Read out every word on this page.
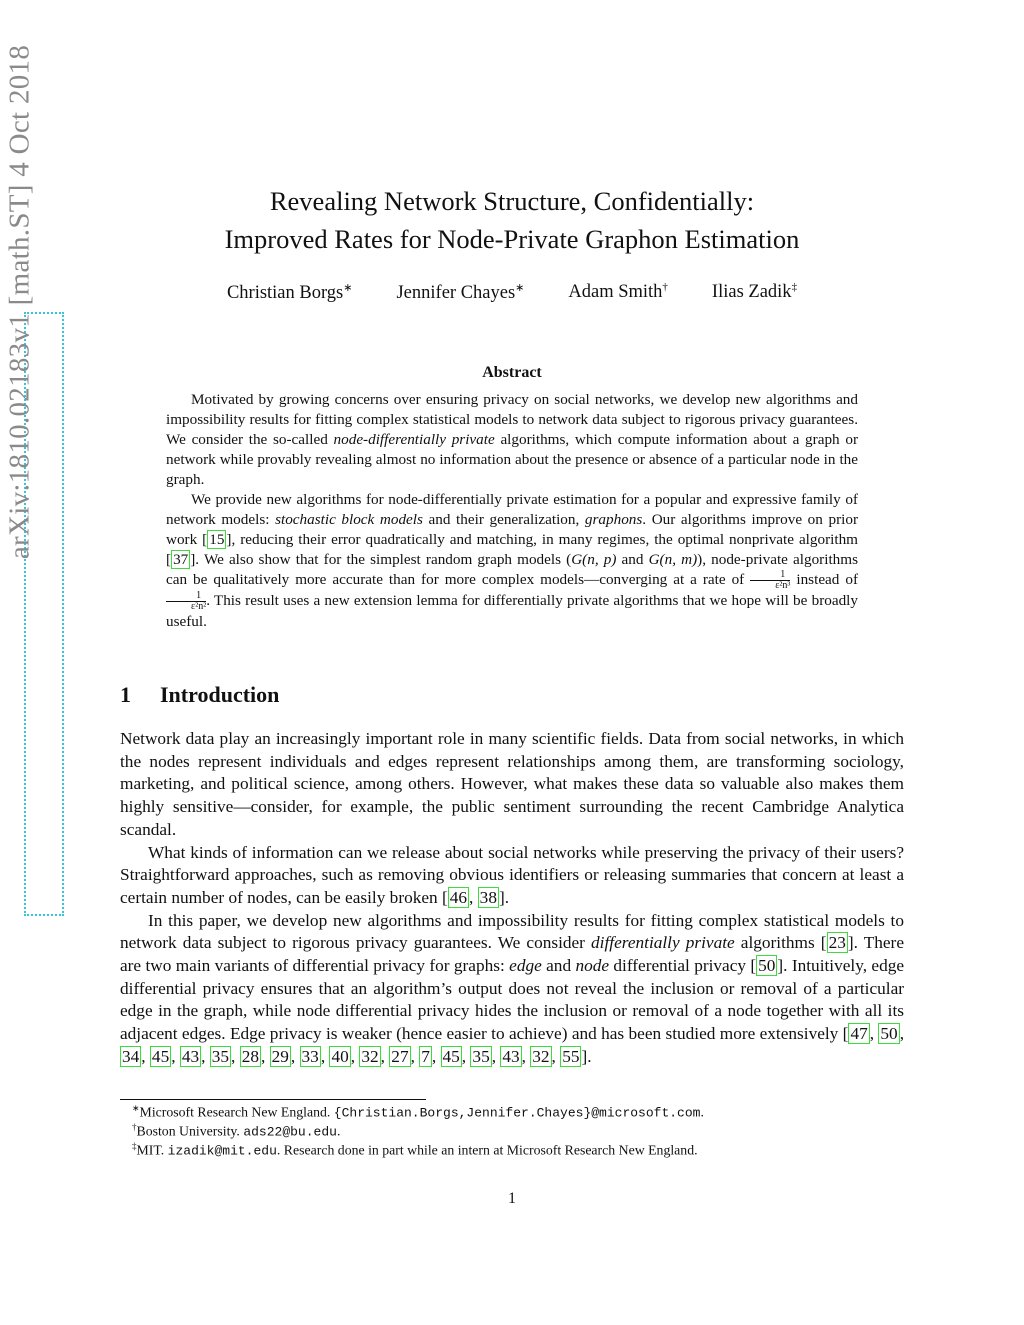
arXiv:1810.02183v1 [math.ST] 4 Oct 2018	Revealing Network Structure, Confidentially:
Improved Rates for Node-Private Graphon Estimation
Christian Borgs∗ Jennifer Chayes∗ Adam Smith† Ilias Zadik‡
Abstract

Motivated by growing concerns over ensuring privacy on social networks, we develop new algorithms and impossibility results for fitting complex statistical models to network data subject to rigorous privacy guarantees. We consider the so-called node-differentially private algorithms, which compute information about a graph or network while provably revealing almost no information about the presence or absence of a particular node in the graph.

We provide new algorithms for node-differentially private estimation for a popular and expressive family of network models: stochastic block models and their generalization, graphons. Our algorithms improve on prior work [ 15 ], reducing their error quadratically and matching, in many regimes, the optimal nonprivate algorithm [ 37 ]. We also show that for the simplest random graph models (G(n, p) and G(n, m)), node-private algorithms can be qualitatively more accurate than for more complex models—converging at a rate of $\frac{1}{\text{ε²n³}}$ instead of
$\frac{1}{\text{ε²n²}}$ . This result uses a new extension lemma for differentially private algorithms that we hope will be broadly useful.

1 Introduction

Network data play an increasingly important role in many scientific fields. Data from social networks, in which the nodes represent individuals and edges represent relationships among them, are transforming sociology, marketing, and political science, among others. However, what makes these data so valuable also makes them highly sensitive—consider, for example, the public sentiment surrounding the recent Cambridge Analytica scandal.

What kinds of information can we release about social networks while preserving the privacy of their users? Straightforward approaches, such as removing obvious identifiers or releasing summaries that concern at least a certain number of nodes, can be easily broken [ 46 , 38 ].

In this paper, we develop new algorithms and impossibility results for fitting complex statistical models to network data subject to rigorous privacy guarantees. We consider differentially private algorithms [ 23 ]. There are two main variants of differential privacy for graphs: edge and node differential privacy [ 50 ]. Intuitively, edge differential privacy ensures that an algorithm’s output does not reveal the inclusion or removal of a particular edge in the graph, while node differential privacy hides the inclusion or removal of a node together with all its adjacent edges. Edge privacy is weaker (hence easier to achieve) and has been studied more extensively [ 47 , 50 , 34 , 45 , 43 , 35 , 28 , 29 , 33 , 40 , 32 , 27 , 7 , 45 , 35 , 43 , 32 , 55 ].

∗Microsoft Research New England. {Christian.Borgs,Jennifer.Chayes}@microsoft.com.
†Boston University. ads22@bu.edu.
‡MIT. izadik@mit.edu. Research done in part while an intern at Microsoft Research New England.
1
